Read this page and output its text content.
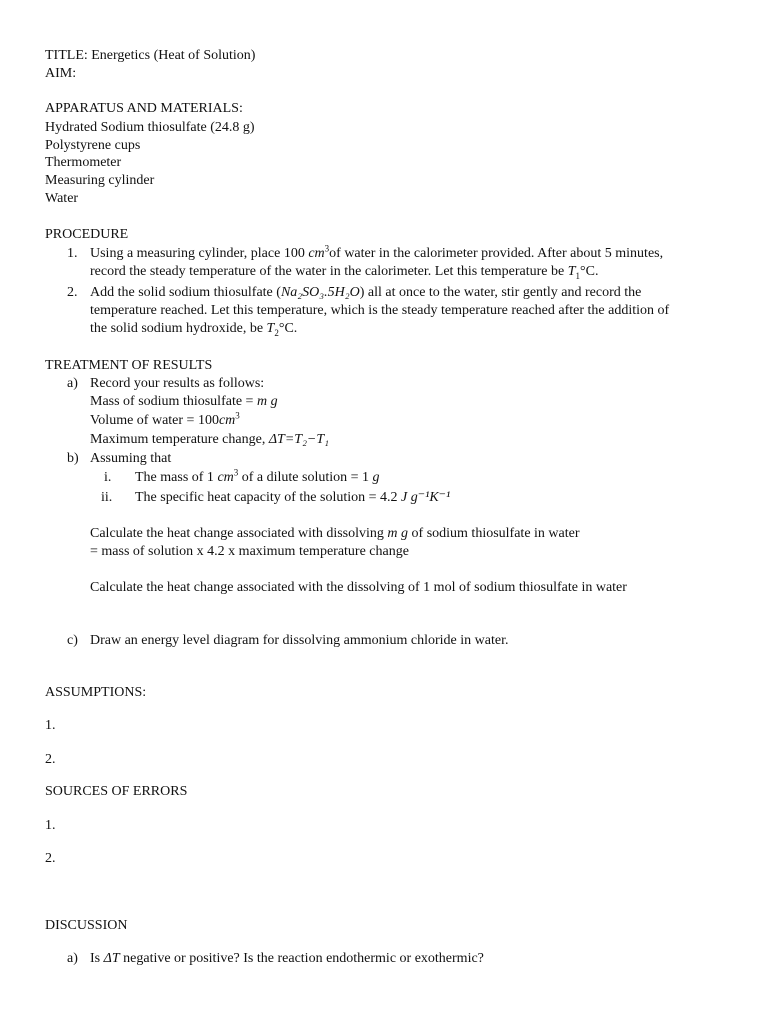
TITLE: Energetics (Heat of Solution)
AIM:
APPARATUS AND MATERIALS:
Hydrated Sodium thiosulfate (24.8 g)
Polystyrene cups
Thermometer
Measuring cylinder
Water
PROCEDURE
1. Using a measuring cylinder, place 100 $cm^3of$ water in the calorimeter provided. After about 5 minutes,
record the steady temperature of the water in the calorimeter. Let this temperature be $T_1^\circ C$.
2. Add the solid sodium thiosulfate (Na₂SO₃.5H₂O) all at once to the water, stir gently and record the
temperature reached. Let this temperature, which is the steady temperature reached after the addition of
the solid sodium hydroxide, be $T_2^\circ C$.
TREATMENT OF RESULTS
a) Record your results as follows:
Mass of sodium thiosulfate = m g
Volume of water = $100cm^3$
Maximum temperature change, ΔT=T₂−T₁
b) Assuming that
i. The mass of 1 $cm^3$ of a dilute solution = 1 g
ii. The specific heat capacity of the solution = 4.2 J g⁻¹K⁻¹
Calculate the heat change associated with dissolving m g of sodium thiosulfate in water
= mass of solution x 4.2 x maximum temperature change
Calculate the heat change associated with the dissolving of 1 mol of sodium thiosulfate in water
c) Draw an energy level diagram for dissolving ammonium chloride in water.
ASSUMPTIONS:
1.
2.
SOURCES OF ERRORS
1.
2.
DISCUSSION
a) Is ΔT negative or positive? Is the reaction endothermic or exothermic?
